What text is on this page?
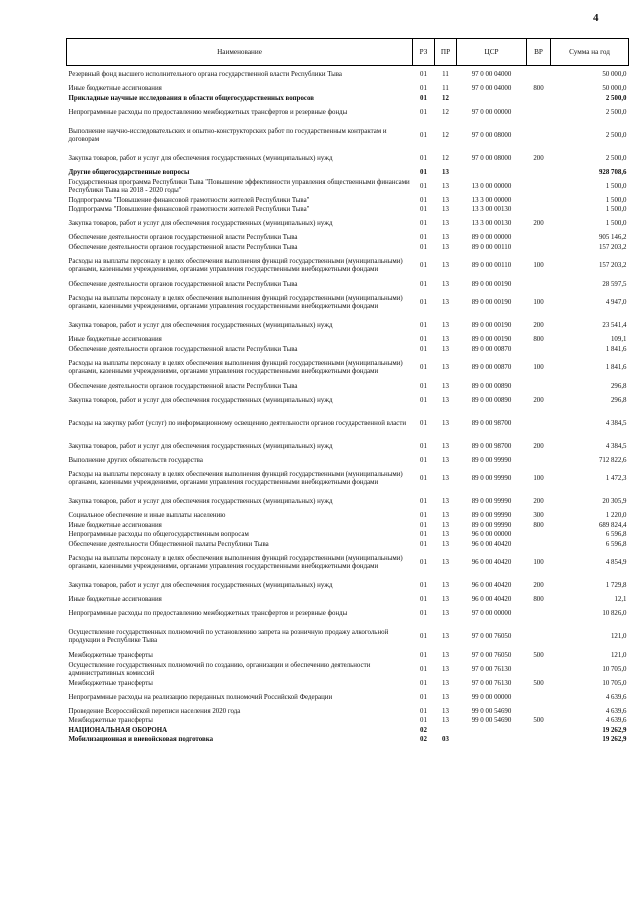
4
Наименование	РЗ	ПР	ЦСР	ВР	Сумма на год
Резервный фонд высшего исполнительного органа государственной власти Республики Тыва	01	11	97 0 00 04000		50 000,0
Иные бюджетные ассигнования	01	11	97 0 00 04000	800	50 000,0
Прикладные научные исследования в области общегосударственных вопросов	01	12			2 500,0
Непрограммные расходы по предоставлению межбюджетных трансфертов и резервные фонды	01	12	97 0 00 00000		2 500,0
Выполнение научно-исследовательских и опытно-конструкторских работ по государственным контрактам и договорам	01	12	97 0 00 08000		2 500,0
Закупка товаров, работ и услуг для обеспечения государственных (муниципальных) нужд	01	12	97 0 00 08000	200	2 500,0
Другие общегосударственные вопросы	01	13			928 708,6
Государственная программа Республики Тыва "Повышение эффективности управления общественными финансами Республики Тыва на 2018 - 2020 годы"	01	13	13 0 00 00000		1 500,0
Подпрограмма "Повышение финансовой грамотности жителей Республики Тыва"	01	13	13 3 00 00000		1 500,0
Подпрограмма "Повышение финансовой грамотности жителей Республики Тыва"	01	13	13 3 00 00130		1 500,0
Закупка товаров, работ и услуг для обеспечения государственных (муниципальных) нужд	01	13	13 3 00 00130	200	1 500,0
Обеспечение деятельности органов государственной власти Республики Тыва	01	13	89 0 00 00000		905 146,2
Обеспечение деятельности органов государственной власти Республики Тыва	01	13	89 0 00 00110		157 203,2
Расходы на выплаты персоналу в целях обеспечения выполнения функций государственными (муниципальными) органами, казенными учреждениями, органами управления государственными внебюджетными фондами	01	13	89 0 00 00110	100	157 203,2
Обеспечение деятельности органов государственной власти Республики Тыва	01	13	89 0 00 00190		28 597,5
Расходы на выплаты персоналу в целях обеспечения выполнения функций государственными (муниципальными) органами, казенными учреждениями, органами управления государственными внебюджетными фондами	01	13	89 0 00 00190	100	4 947,0
Закупка товаров, работ и услуг для обеспечения государственных (муниципальных) нужд	01	13	89 0 00 00190	200	23 541,4
Иные бюджетные ассигнования	01	13	89 0 00 00190	800	109,1
Обеспечение деятельности органов государственной власти Республики Тыва	01	13	89 0 00 00870		1 841,6
Расходы на выплаты персоналу в целях обеспечения выполнения функций государственными (муниципальными) органами, казенными учреждениями, органами управления государственными внебюджетными фондами	01	13	89 0 00 00870	100	1 841,6
Обеспечение деятельности органов государственной власти Республики Тыва	01	13	89 0 00 00890		296,8
Закупка товаров, работ и услуг для обеспечения государственных (муниципальных) нужд	01	13	89 0 00 00890	200	296,8
Расходы на закупку работ (услуг) по информационному освещению деятельности органов государственной власти	01	13	89 0 00 98700		4 384,5
Закупка товаров, работ и услуг для обеспечения государственных (муниципальных) нужд	01	13	89 0 00 98700	200	4 384,5
Выполнение других обязательств государства	01	13	89 0 00 99990		712 822,6
Расходы на выплаты персоналу в целях обеспечения выполнения функций государственными (муниципальными) органами, казенными учреждениями, органами управления государственными внебюджетными фондами	01	13	89 0 00 99990	100	1 472,3
Закупка товаров, работ и услуг для обеспечения государственных (муниципальных) нужд	01	13	89 0 00 99990	200	20 305,9
Социальное обеспечение и иные выплаты населению	01	13	89 0 00 99990	300	1 220,0
Иные бюджетные ассигнования	01	13	89 0 00 99990	800	689 824,4
Непрограммные расходы по общегосударственным вопросам	01	13	96 0 00 00000		6 596,8
Обеспечение деятельности Общественной палаты Республики Тыва	01	13	96 0 00 40420		6 596,8
Расходы на выплаты персоналу в целях обеспечения выполнения функций государственными (муниципальными) органами, казенными учреждениями, органами управления государственными внебюджетными фондами	01	13	96 0 00 40420	100	4 854,9
Закупка товаров, работ и услуг для обеспечения государственных (муниципальных) нужд	01	13	96 0 00 40420	200	1 729,8
Иные бюджетные ассигнования	01	13	96 0 00 40420	800	12,1
Непрограммные расходы по предоставлению межбюджетных трансфертов и резервные фонды	01	13	97 0 00 00000		10 826,0
Осуществление государственных полномочий по установлению запрета на розничную продажу алкогольной продукции в Республике Тыва	01	13	97 0 00 76050		121,0
Межбюджетные трансферты	01	13	97 0 00 76050	500	121,0
Осуществление государственных полномочий по созданию, организации и обеспечению деятельности административных комиссий	01	13	97 0 00 76130		10 705,0
Межбюджетные трансферты	01	13	97 0 00 76130	500	10 705,0
Непрограммные расходы на реализацию переданных полномочий Российской Федерации	01	13	99 0 00 00000		4 639,6
Проведение Всероссийской переписи населения 2020 года	01	13	99 0 00 54690		4 639,6
Межбюджетные трансферты	01	13	99 0 00 54690	500	4 639,6
НАЦИОНАЛЬНАЯ ОБОРОНА	02				19 262,9
Мобилизационная и вневойсковая подготовка	02	03			19 262,9
